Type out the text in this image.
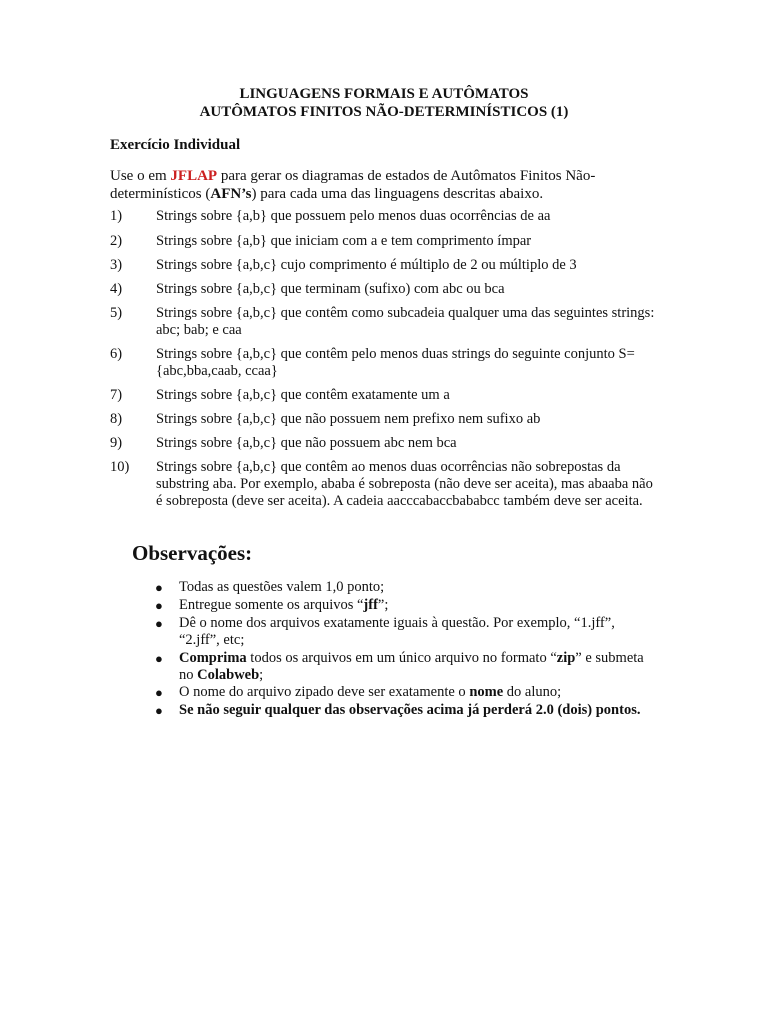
LINGUAGENS FORMAIS E AUTÔMATOS
AUTÔMATOS FINITOS NÃO-DETERMINÍSTICOS (1)
Exercício Individual
Use o em JFLAP para gerar os diagramas de estados de Autômatos Finitos Não-determinísticos (AFN’s) para cada uma das linguagens descritas abaixo.
1)	Strings sobre {a,b} que possuem pelo menos duas ocorrências de aa
2)	Strings sobre {a,b} que iniciam com a e tem comprimento ímpar
3)	Strings sobre {a,b,c} cujo comprimento é múltiplo de 2 ou múltiplo de 3
4)	Strings sobre {a,b,c} que terminam (sufixo) com abc ou bca
5)	Strings sobre {a,b,c} que contêm como subcadeia qualquer uma das seguintes strings: abc; bab; e caa
6)	Strings sobre {a,b,c} que contêm pelo menos duas strings do seguinte conjunto S={abc,bba,caab, ccaa}
7)	Strings sobre {a,b,c} que contêm exatamente um a
8)	Strings sobre {a,b,c} que não possuem nem prefixo nem sufixo ab
9)	Strings sobre {a,b,c} que não possuem abc nem bca
10)	Strings sobre {a,b,c} que contêm ao menos duas ocorrências não sobrepostas da substring aba. Por exemplo, ababa é sobreposta (não deve ser aceita), mas abaaba não é sobreposta (deve ser aceita). A cadeia aacccabaccbababcc também deve ser aceita.
Observações:
●	Todas as questões valem 1,0 ponto;
●	Entregue somente os arquivos “jff”;
●	Dê o nome dos arquivos exatamente iguais à questão. Por exemplo, “1.jff”, “2.jff”, etc;
●	Comprima todos os arquivos em um único arquivo no formato “zip” e submeta no Colabweb;
●	O nome do arquivo zipado deve ser exatamente o nome do aluno;
●	Se não seguir qualquer das observações acima já perderá 2.0 (dois) pontos.
